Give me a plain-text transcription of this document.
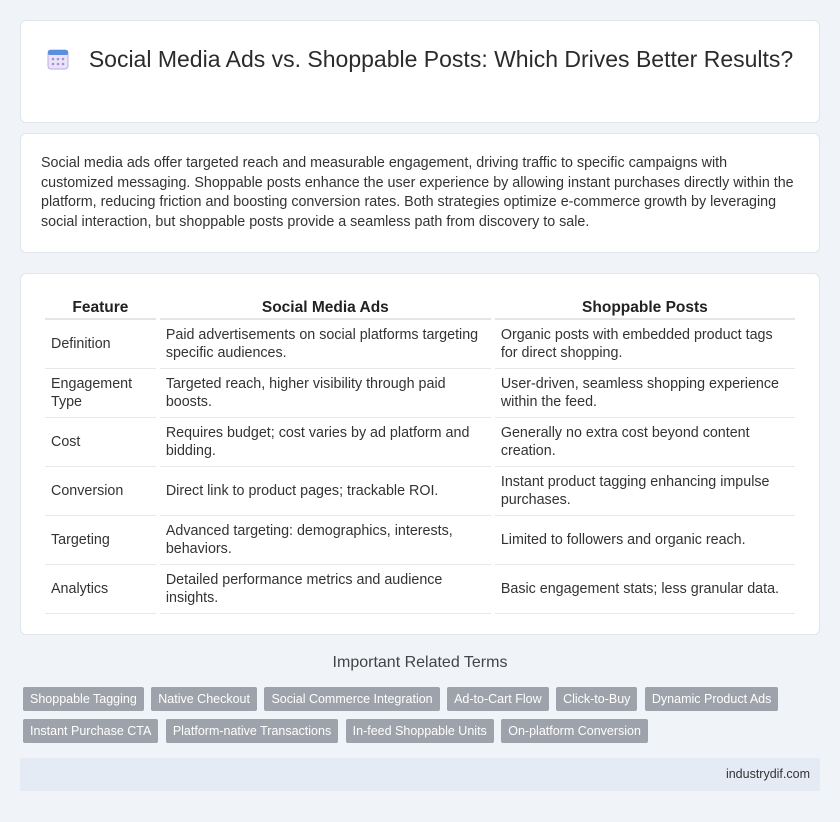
Social Media Ads vs. Shoppable Posts: Which Drives Better Results?

Social media ads offer targeted reach and measurable engagement, driving traffic to specific campaigns with customized messaging. Shoppable posts enhance the user experience by allowing instant purchases directly within the platform, reducing friction and boosting conversion rates. Both strategies optimize e-commerce growth by leveraging social interaction, but shoppable posts provide a seamless path from discovery to sale.

Feature	Social Media Ads	Shoppable Posts
Definition	Paid advertisements on social platforms targeting specific audiences.	Organic posts with embedded product tags for direct shopping.
Engagement Type	Targeted reach, higher visibility through paid boosts.	User-driven, seamless shopping experience within the feed.
Cost	Requires budget; cost varies by ad platform and bidding.	Generally no extra cost beyond content creation.
Conversion	Direct link to product pages; trackable ROI.	Instant product tagging enhancing impulse purchases.
Targeting	Advanced targeting: demographics, interests, behaviors.	Limited to followers and organic reach.
Analytics	Detailed performance metrics and audience insights.	Basic engagement stats; less granular data.
Important Related Terms
Shoppable Tagging Native Checkout Social Commerce Integration Ad-to-Cart Flow Click-to-Buy Dynamic Product Ads Instant Purchase CTA Platform-native Transactions In-feed Shoppable Units On-platform Conversion
industrydif.com
